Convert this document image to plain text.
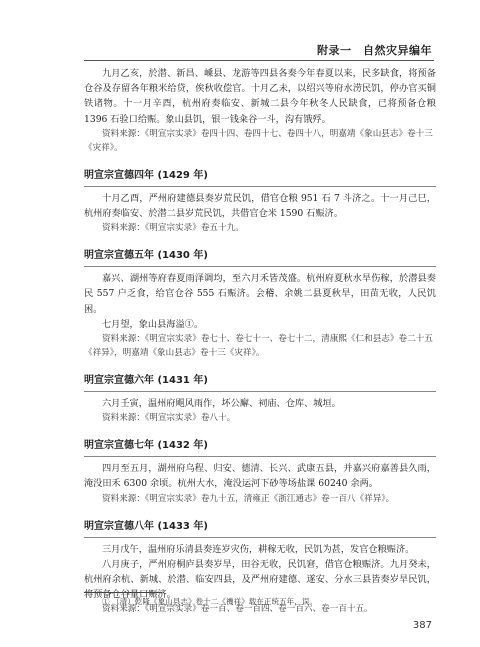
附录一　自然灾异编年

九月乙亥，於潜、新昌、嵊县、龙游等四县各奏今年春夏以来，民多缺食，将预备仓谷及存留各年粮米给贷，俟秋收偿官。十月乙未，以绍兴等府水涝民饥，停办官买铜铁诸物。十一月辛酉，杭州府奏临安、新城二县今年秋冬人民缺食，已将预备仓粮 1396 石验口给赈。象山县饥，银一钱籴谷一斗，沟有饿殍。

资料来源：《明宣宗实录》卷四十四、卷四十七、卷四十八，明嘉靖《象山县志》卷十三《灾祥》。

明宣宗宣德四年 (1429 年)

十月乙酉，严州府建德县奏岁荒民饥，借官仓粮 951 石 7 斗济之。十一月己巳，杭州府奏临安、於潜二县岁荒民饥，共借官仓米 1590 石赈济。

资料来源：《明宣宗实录》卷五十九。

明宣宗宣德五年 (1430 年)

嘉兴、湖州等府春夏雨泽调均，至六月禾皆茂盛。杭州府夏秋水旱伤稼，於潜县奏民 557 户乏食，给官仓谷 555 石赈济。会稽、余姚二县夏秋旱，田苗无收，人民饥困。

七月望，象山县海溢①。

资料来源：《明宣宗实录》卷七十、卷七十一、卷七十二，清康熙《仁和县志》卷二十五《祥异》，明嘉靖《象山县志》卷十三《灾祥》。

明宣宗宣德六年 (1431 年)

六月壬寅，温州府飓风雨作，坏公廨、祠庙、仓库、城垣。

资料来源：《明宣宗实录》卷八十。

明宣宗宣德七年 (1432 年)

四月至五月，湖州府乌程、归安、德清、长兴、武康五县，并嘉兴府嘉善县久雨，淹没田禾 6300 余顷。杭州大水，淹没运河下砂等场盐课 60240 余两。

资料来源：《明宣宗实录》卷九十五，清雍正《浙江通志》卷一百八《祥异》。

明宣宗宣德八年 (1433 年)

三月戊午，温州府乐清县奏连岁灾伤，耕稼无收，民饥为甚，发官仓粮赈济。

八月庚子，严州府桐庐县奏岁旱，田谷无收，民饥窘，借官仓粮赈济。九月癸未，杭州府余杭、新城、於潜、临安四县，及严州府建德、遂安、分水三县皆奏岁旱民饥，将预备仓谷量口赈济。

资料来源：《明宣宗实录》卷一百、卷一百四、卷一百六、卷一百十五。

① （清）乾隆《象山县志》卷十二《禨祥》载在正统五年，误。
387
